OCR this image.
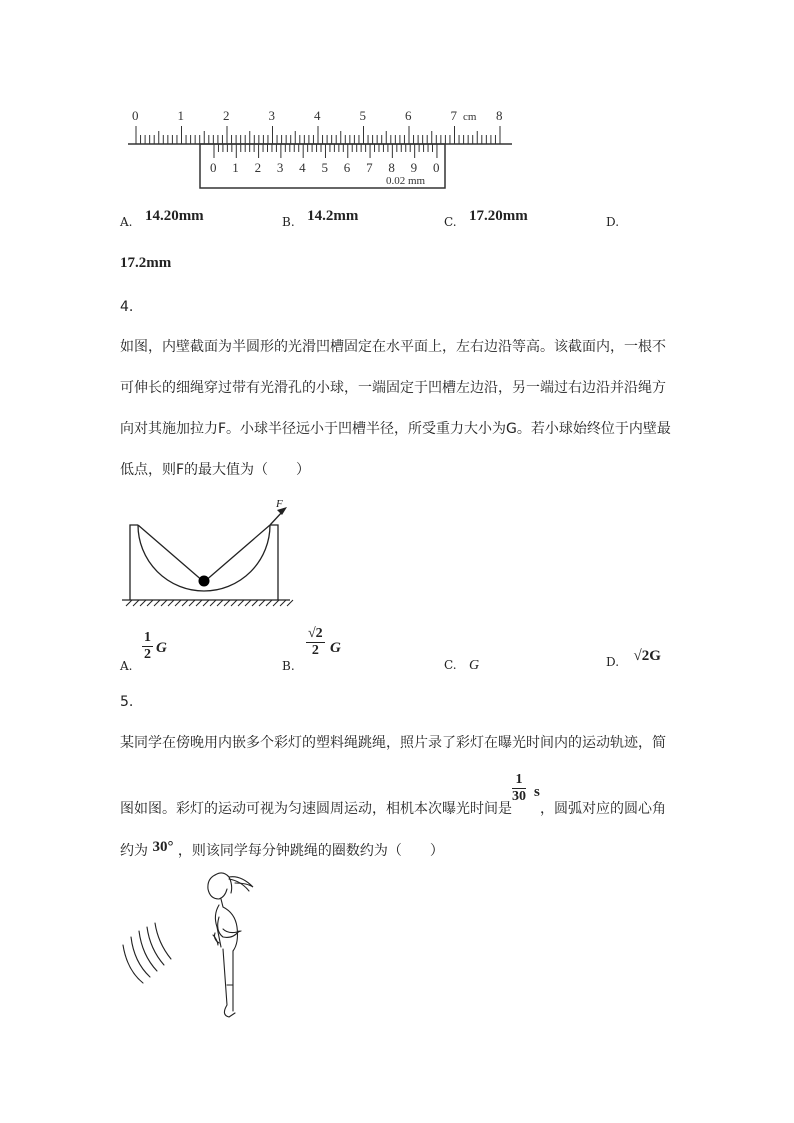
0	1	2	3	4	5	6	7	8
cm
0 1 2 3 4 5 6 7 8 9 0
0.02 mm
A. 14.20mm	B. 14.2mm	C. 17.20mm	D.
17.2mm
4.
如图，内壁截面为半圆形的光滑凹槽固定在水平面上，左右边沿等高。该截面内，一根不
可伸长的细绳穿过带有光滑孔的小球，一端固定于凹槽左边沿，另一端过右边沿并沿绳方
向对其施加拉力F。小球半径远小于凹槽半径，所受重力大小为G。若小球始终位于内壁最
低点，则F的最大值为（　　）
F
A.
$\frac{1}{2}$ G
B.
$\frac{√2}{2}$ G
C. G	D. √2G
5.
某同学在傍晚用内嵌多个彩灯的塑料绳跳绳，照片录了彩灯在曝光时间内的运动轨迹，简
图如图。彩灯的运动可视为匀速圆周运动，相机本次曝光时间是
$\frac{1}{30}$ s
，圆弧对应的圆心角
约为 30° ，则该同学每分钟跳绳的圈数约为（　　）
